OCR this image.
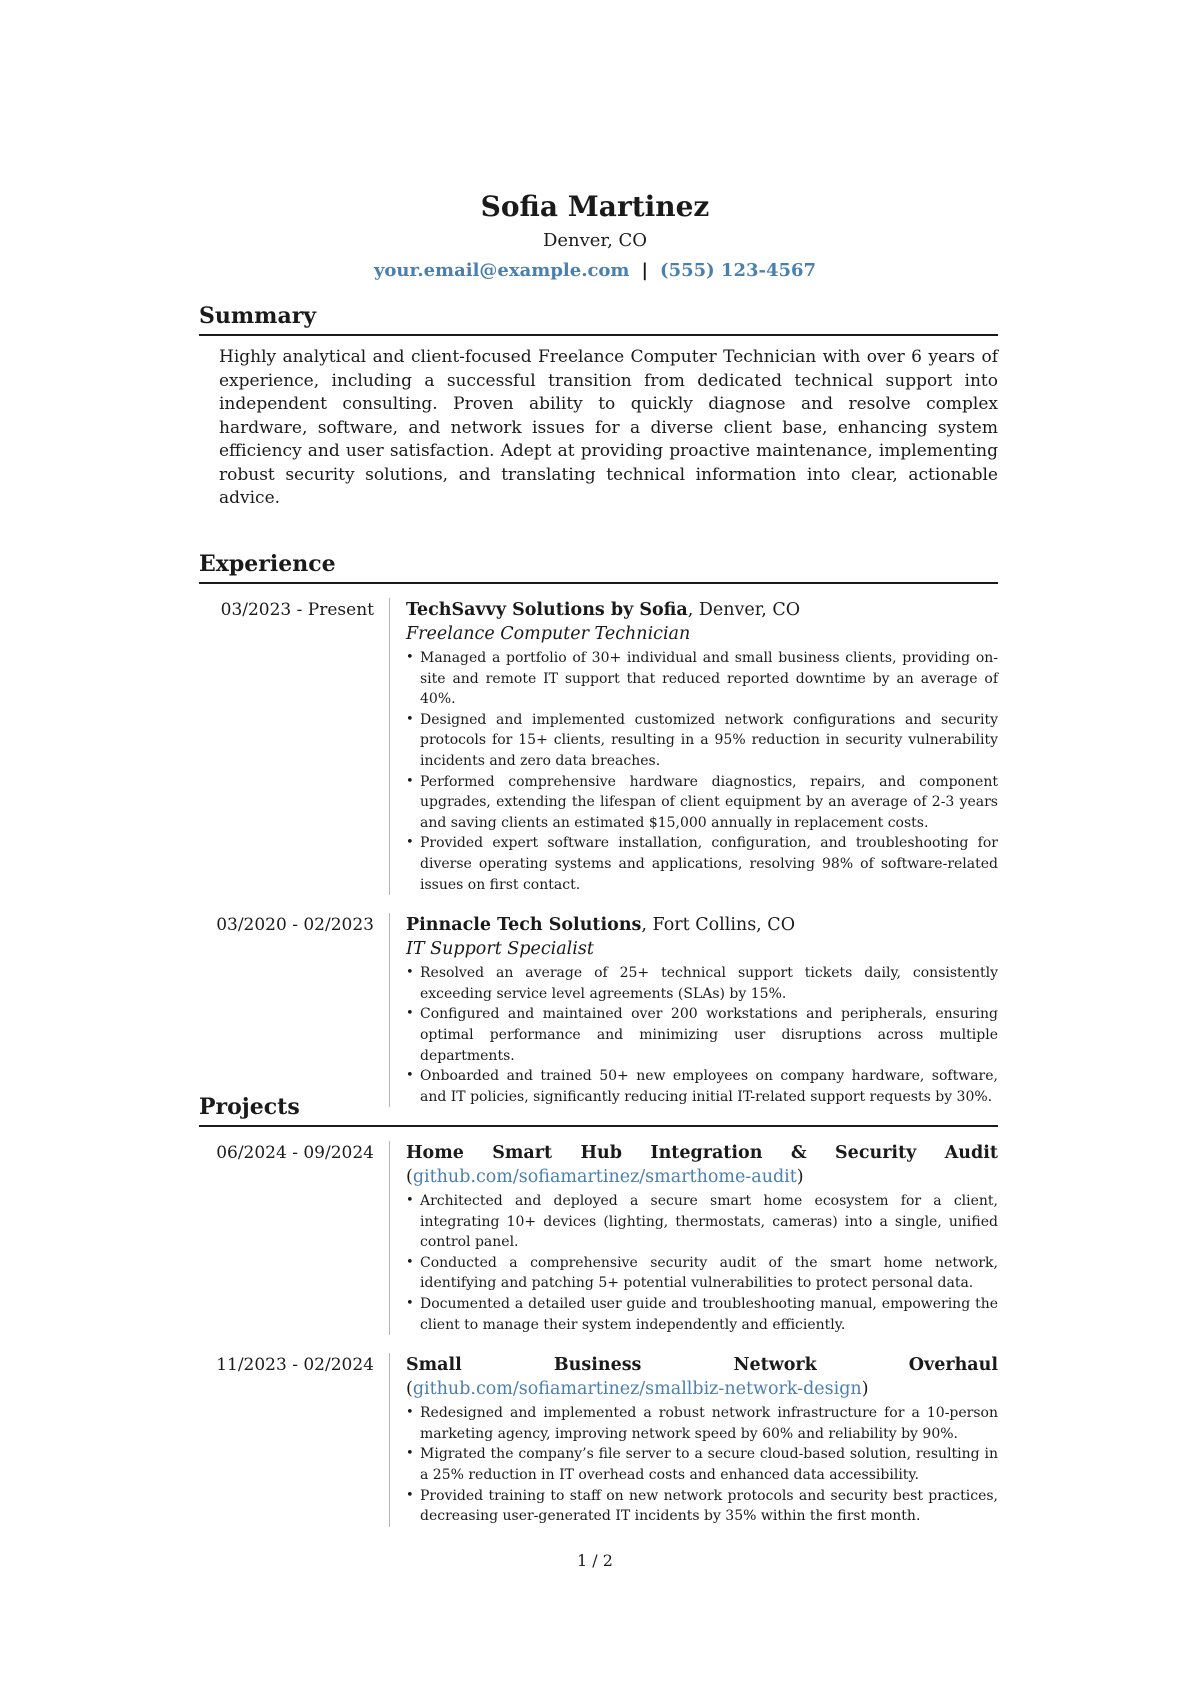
Sofia Martinez
Denver, CO
your.email@example.com | (555) 123-4567
Summary

Highly analytical and client-focused Freelance Computer Technician with over 6 years of experience, including a successful transition from dedicated technical support into independent consulting. Proven ability to quickly diagnose and resolve complex hardware, software, and network issues for a diverse client base, enhancing system efficiency and user satisfaction. Adept at providing proactive maintenance, implementing robust security solutions, and translating technical information into clear, actionable advice.

Experience
03/2023 - Present TechSavvy Solutions by Sofia, Denver, CO
Freelance Computer Technician
• Managed a portfolio of 30+ individual and small business clients, providing on-site and remote IT support that reduced reported downtime by an average of 40%.
• Designed and implemented customized network configurations and security protocols for 15+ clients, resulting in a 95% reduction in security vulnerability incidents and zero data breaches.
• Performed comprehensive hardware diagnostics, repairs, and component upgrades, extending the lifespan of client equipment by an average of 2-3 years and saving clients an estimated $15,000 annually in replacement costs.
• Provided expert software installation, configuration, and troubleshooting for diverse operating systems and applications, resolving 98% of software-related issues on first contact.
03/2020 - 02/2023 Pinnacle Tech Solutions, Fort Collins, CO
IT Support Specialist
• Resolved an average of 25+ technical support tickets daily, consistently exceeding service level agreements (SLAs) by 15%.
• Configured and maintained over 200 workstations and peripherals, ensuring optimal performance and minimizing user disruptions across multiple departments.
• Onboarded and trained 50+ new employees on company hardware, software, and IT policies, significantly reducing initial IT-related support requests by 30%.
Projects
06/2024 - 09/2024 Home Smart Hub Integration & Security Audit (github.com/sofiamartinez/smarthome-audit)
• Architected and deployed a secure smart home ecosystem for a client, integrating 10+ devices (lighting, thermostats, cameras) into a single, unified control panel.
• Conducted a comprehensive security audit of the smart home network, identifying and patching 5+ potential vulnerabilities to protect personal data.
• Documented a detailed user guide and troubleshooting manual, empowering the client to manage their system independently and efficiently.
11/2023 - 02/2024 Small Business Network Overhaul (github.com/sofiamartinez/smallbiz-network-design)
• Redesigned and implemented a robust network infrastructure for a 10-person marketing agency, improving network speed by 60% and reliability by 90%.
• Migrated the company’s file server to a secure cloud-based solution, resulting in a 25% reduction in IT overhead costs and enhanced data accessibility.
• Provided training to staff on new network protocols and security best practices, decreasing user-generated IT incidents by 35% within the first month.
1 / 2
